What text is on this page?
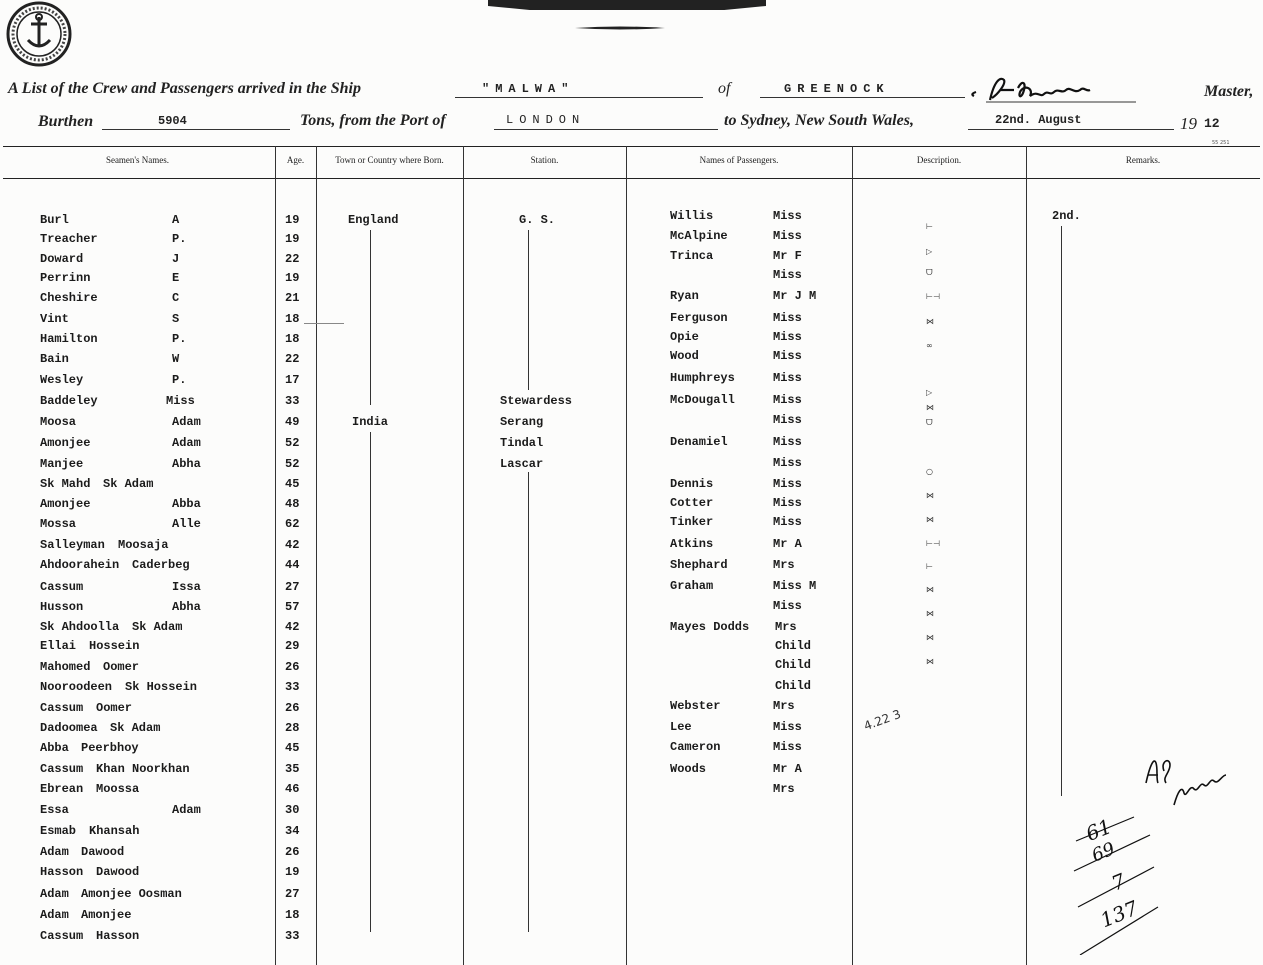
A List of the Crew and Passengers arrived in the Ship	"MALWA"	of	GREENOCK	Master,
Burthen	5904	Tons, from the Port of	LONDON	to Sydney, New South Wales,	22nd. August	19 12
55 251
Seamen's Names.	Age.	Town or Country where Born.	Station.	Names of Passengers.	Description.	Remarks.
Burl	A	19	England	G. S.
Treacher	P.	19
Doward	J	22
Perrinn	E	19
Cheshire	C	21
Vint	S	18
Hamilton	P.	18
Bain	W	22
Wesley	P.	17
Baddeley	Miss	33	Stewardess
Moosa	Adam	49	India	Serang
Amonjee	Adam	52	Tindal
Manjee	Abha	52	Lascar
Sk Mahd Sk Adam	45
Amonjee	Abba	48
Mossa	Alle	62
Salleyman Moosaja	42
Ahdoorahein Caderbeg	44
Cassum	Issa	27
Husson	Abha	57
Sk Ahdoolla Sk Adam	42
Ellai Hossein	29
Mahomed Oomer	26
Nooroodeen Sk Hossein	33
Cassum Oomer	26
Dadoomea Sk Adam	28
Abba Peerbhoy	45
Cassum Khan Noorkhan	35
Ebrean Moossa	46
Essa	Adam	30
Esmab Khansah	34
Adam Dawood	26
Hasson Dawood	19
Adam Amonjee Oosman	27
Adam Amonjee	18
Cassum Hasson	33
Willis	Miss
McAlpine	Miss
Trinca	Mr F
Miss
Ryan	Mr J M
Ferguson	Miss
Opie	Miss
Wood	Miss
Humphreys	Miss
McDougall	Miss
Miss
Denamiel	Miss
Miss
Dennis	Miss
Cotter	Miss
Tinker	Miss
Atkins	Mr A
Shephard	Mrs
Graham	Miss M
Miss
Mayes Dodds Mrs
Child
Child
Child
Webster	Mrs
Lee	Miss
Cameron	Miss
Woods	Mr A
Mrs
⊢
▷
ᗜ
⊢⊣
⋈
∞
▷
⋈
ᗜ
○
⋈
⋈
⊢⊣
⊢
⋈
⋈
⋈
⋈
2nd.
4.22 3
61
69
7
137
